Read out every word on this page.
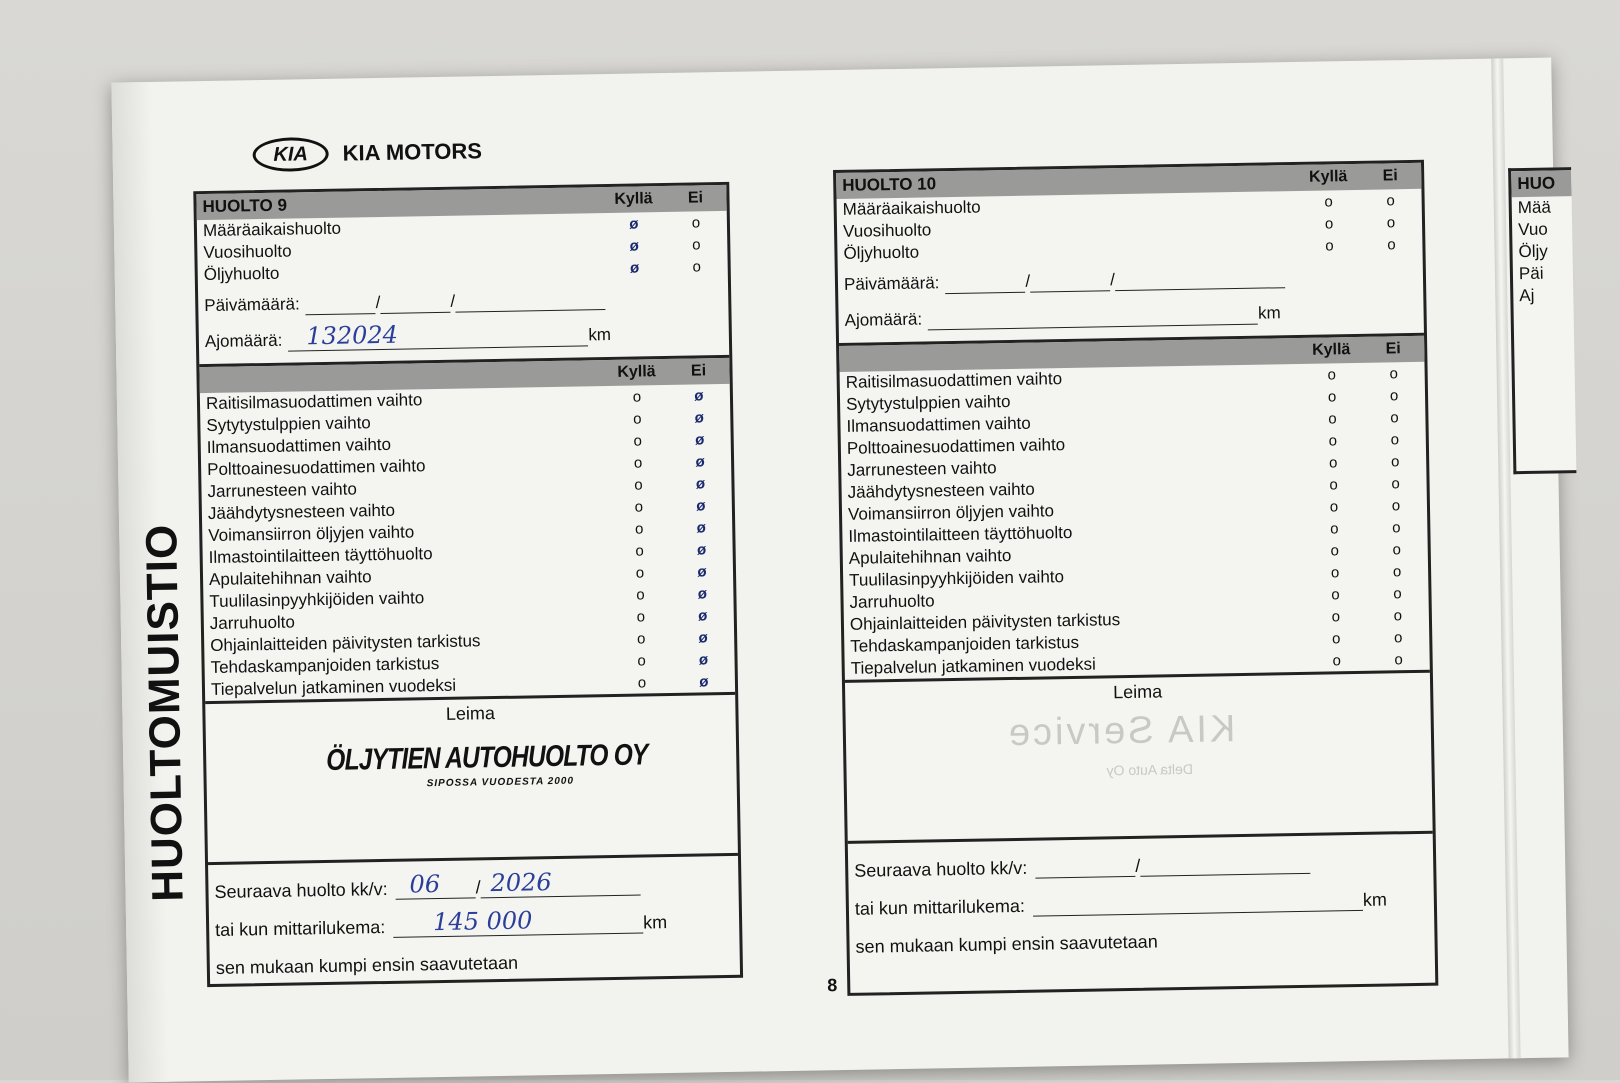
KIA	KIA MOTORS
HUOLTOMUISTIO
HUOLTO 9	Kyllä	Ei
Määräaikaishuolto	ø	o
Vuosihuolto	ø	o
Öljyhuolto	ø	o
Päivämäärä:	/	/
Ajomäärä: 132024	km
Kyllä	Ei
Raitisilmasuodattimen vaihto	o	ø
Sytytystulppien vaihto	o	ø
Ilmansuodattimen vaihto	o	ø
Polttoainesuodattimen vaihto	o	ø
Jarrunesteen vaihto	o	ø
Jäähdytysnesteen vaihto	o	ø
Voimansiirron öljyjen vaihto	o	ø
Ilmastointilaitteen täyttöhuolto	o	ø
Apulaitehihnan vaihto	o	ø
Tuulilasinpyyhkijöiden vaihto	o	ø
Jarruhuolto	o	ø
Ohjainlaitteiden päivitysten tarkistus	o	ø
Tehdaskampanjoiden tarkistus	o	ø
Tiepalvelun jatkaminen vuodeksi	o	ø
Leima
ÖLJYTIEN AUTOHUOLTO OY
SIPOSSA VUODESTA 2000
Seuraava huolto kk/v: 06 / 2026
tai kun mittarilukema: 145 000	km
sen mukaan kumpi ensin saavutetaan
HUOLTO 10	Kyllä	Ei
Määräaikaishuolto	o	o
Vuosihuolto	o	o
Öljyhuolto	o	o
Päivämäärä:	/	/
Ajomäärä:	km
Kyllä	Ei
Raitisilmasuodattimen vaihto	o	o
Sytytystulppien vaihto	o	o
Ilmansuodattimen vaihto	o	o
Polttoainesuodattimen vaihto	o	o
Jarrunesteen vaihto	o	o
Jäähdytysnesteen vaihto	o	o
Voimansiirron öljyjen vaihto	o	o
Ilmastointilaitteen täyttöhuolto	o	o
Apulaitehihnan vaihto	o	o
Tuulilasinpyyhkijöiden vaihto	o	o
Jarruhuolto	o	o
Ohjainlaitteiden päivitysten tarkistus	o	o
Tehdaskampanjoiden tarkistus	o	o
Tiepalvelun jatkaminen vuodeksi	o	o
Leima
KIA Service
Delta Auto Oy
Seuraava huolto kk/v:	/
tai kun mittarilukema:	km
sen mukaan kumpi ensin saavutetaan
HUO
Mää
Vuo
Öljy
Päi
Aj
8
